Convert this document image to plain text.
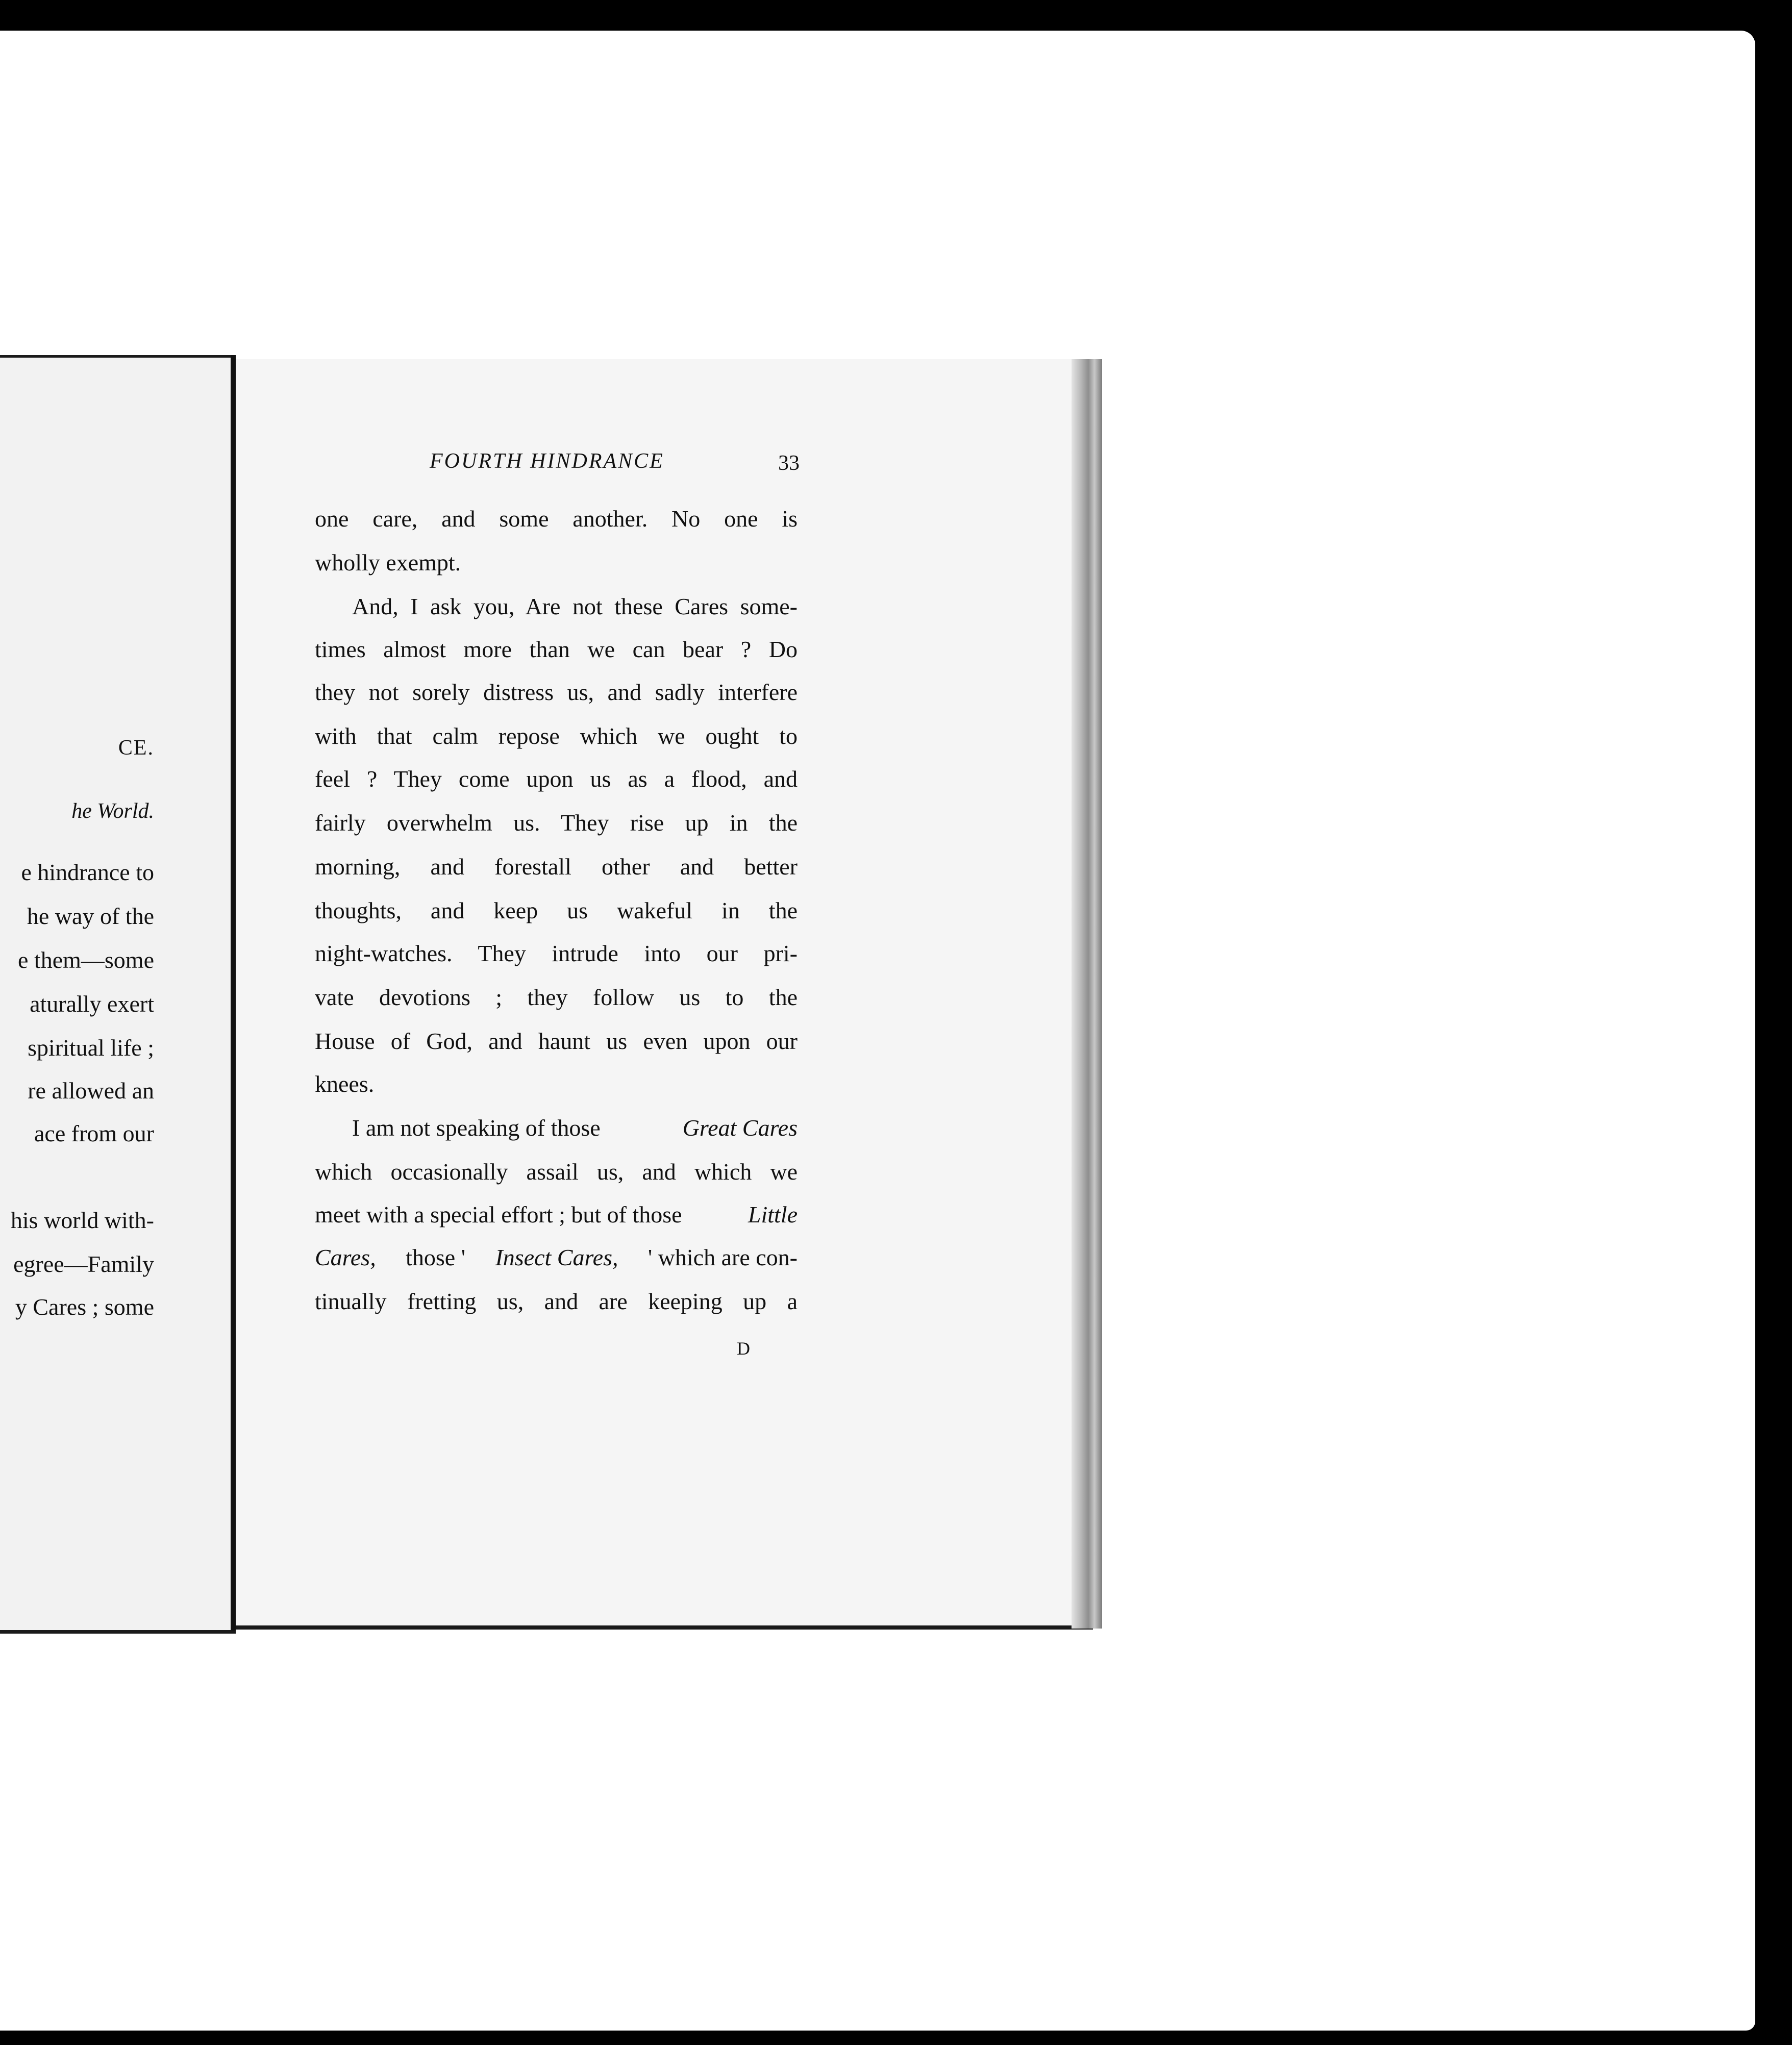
CE.
he World.
e hindrance to
he way of the
e them—some
aturally exert
spiritual life ;
re allowed an
ace from our
his world with-
egree—Family
y Cares ; some
FOURTH HINDRANCE	33
one care, and some another. No one is
wholly exempt.
And, I ask you, Are not these Cares some-
times almost more than we can bear ? Do
they not sorely distress us, and sadly interfere
with that calm repose which we ought to
feel ? They come upon us as a flood, and
fairly overwhelm us. They rise up in the
morning, and forestall other and better
thoughts, and keep us wakeful in the
night-watches. They intrude into our pri-
vate devotions ; they follow us to the
House of God, and haunt us even upon our
knees.
I am not speaking of those	Great Cares
which occasionally assail us, and which we
meet with a special effort ; but of those	Little
Cares, those ' Insect Cares, ' which are con-
tinually fretting us, and are keeping up a
D
